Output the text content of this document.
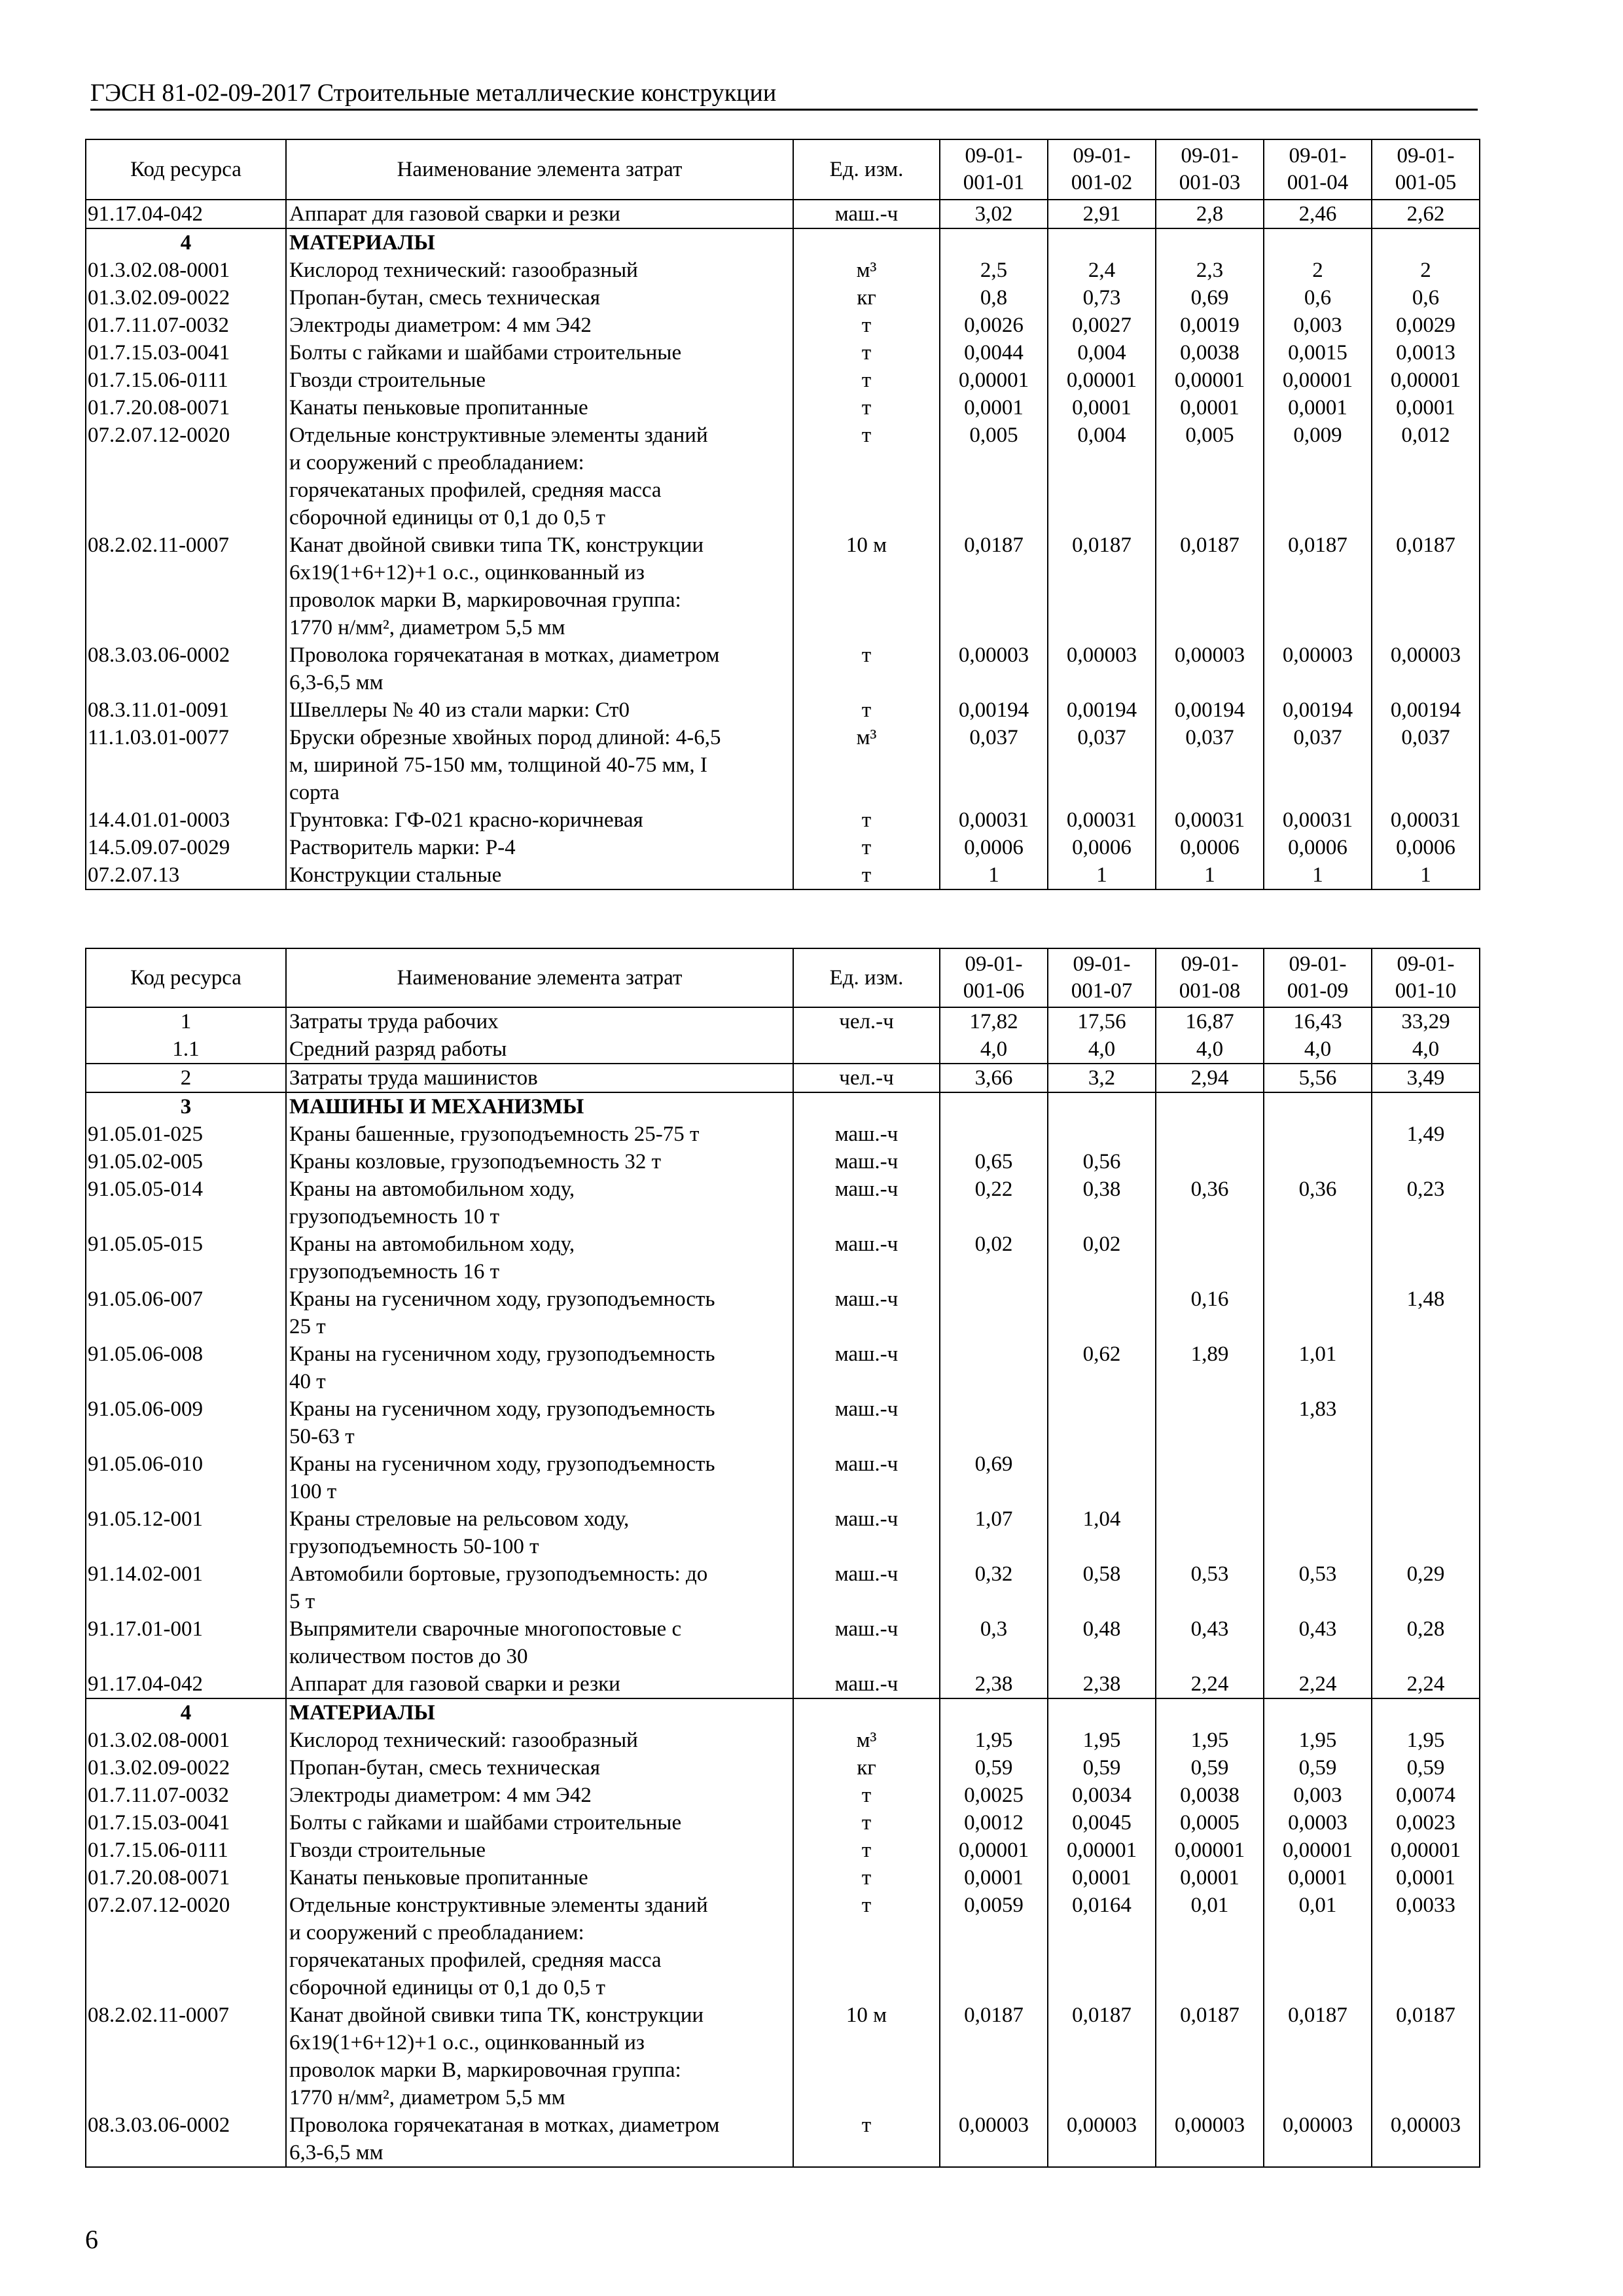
ГЭСН 81-02-09-2017 Строительные металлические конструкции
Код ресурса	Наименование элемента затрат	Ед. изм.	09-01-
001-01	09-01-
001-02	09-01-
001-03	09-01-
001-04	09-01-
001-05
91.17.04-042	Аппарат для газовой сварки и резки	маш.-ч	3,02	2,91	2,8	2,46	2,62
4	МАТЕРИАЛЫ						
01.3.02.08-0001	Кислород технический: газообразный	м³	2,5	2,4	2,3	2	2
01.3.02.09-0022	Пропан-бутан, смесь техническая	кг	0,8	0,73	0,69	0,6	0,6
01.7.11.07-0032	Электроды диаметром: 4 мм Э42	т	0,0026	0,0027	0,0019	0,003	0,0029
01.7.15.03-0041	Болты с гайками и шайбами строительные	т	0,0044	0,004	0,0038	0,0015	0,0013
01.7.15.06-0111	Гвозди строительные	т	0,00001	0,00001	0,00001	0,00001	0,00001
01.7.20.08-0071	Канаты пеньковые пропитанные	т	0,0001	0,0001	0,0001	0,0001	0,0001
07.2.07.12-0020	Отдельные конструктивные элементы зданий
и сооружений с преобладанием:
горячекатаных профилей, средняя масса
сборочной единицы от 0,1 до 0,5 т	т	0,005	0,004	0,005	0,009	0,012
08.2.02.11-0007	Канат двойной свивки типа ТК, конструкции
6х19(1+6+12)+1 о.с., оцинкованный из
проволок марки В, маркировочная группа:
1770 н/мм², диаметром 5,5 мм	10 м	0,0187	0,0187	0,0187	0,0187	0,0187
08.3.03.06-0002	Проволока горячекатаная в мотках, диаметром
6,3-6,5 мм	т	0,00003	0,00003	0,00003	0,00003	0,00003
08.3.11.01-0091	Швеллеры № 40 из стали марки: Ст0	т	0,00194	0,00194	0,00194	0,00194	0,00194
11.1.03.01-0077	Бруски обрезные хвойных пород длиной: 4-6,5
м, шириной 75-150 мм, толщиной 40-75 мм, I
сорта	м³	0,037	0,037	0,037	0,037	0,037
14.4.01.01-0003	Грунтовка: ГФ-021 красно-коричневая	т	0,00031	0,00031	0,00031	0,00031	0,00031
14.5.09.07-0029	Растворитель марки: Р-4	т	0,0006	0,0006	0,0006	0,0006	0,0006
07.2.07.13	Конструкции стальные	т	1	1	1	1	1
Код ресурса	Наименование элемента затрат	Ед. изм.	09-01-
001-06	09-01-
001-07	09-01-
001-08	09-01-
001-09	09-01-
001-10
1	Затраты труда рабочих	чел.-ч	17,82	17,56	16,87	16,43	33,29
1.1	Средний разряд работы		4,0	4,0	4,0	4,0	4,0
2	Затраты труда машинистов	чел.-ч	3,66	3,2	2,94	5,56	3,49
3	МАШИНЫ И МЕХАНИЗМЫ						
91.05.01-025	Краны башенные, грузоподъемность 25-75 т	маш.-ч					1,49
91.05.02-005	Краны козловые, грузоподъемность 32 т	маш.-ч	0,65	0,56			
91.05.05-014	Краны на автомобильном ходу,
грузоподъемность 10 т	маш.-ч	0,22	0,38	0,36	0,36	0,23
91.05.05-015	Краны на автомобильном ходу,
грузоподъемность 16 т	маш.-ч	0,02	0,02			
91.05.06-007	Краны на гусеничном ходу, грузоподъемность
25 т	маш.-ч			0,16		1,48
91.05.06-008	Краны на гусеничном ходу, грузоподъемность
40 т	маш.-ч		0,62	1,89	1,01	
91.05.06-009	Краны на гусеничном ходу, грузоподъемность
50-63 т	маш.-ч				1,83	
91.05.06-010	Краны на гусеничном ходу, грузоподъемность
100 т	маш.-ч	0,69				
91.05.12-001	Краны стреловые на рельсовом ходу,
грузоподъемность 50-100 т	маш.-ч	1,07	1,04			
91.14.02-001	Автомобили бортовые, грузоподъемность: до
5 т	маш.-ч	0,32	0,58	0,53	0,53	0,29
91.17.01-001	Выпрямители сварочные многопостовые с
количеством постов до 30	маш.-ч	0,3	0,48	0,43	0,43	0,28
91.17.04-042	Аппарат для газовой сварки и резки	маш.-ч	2,38	2,38	2,24	2,24	2,24
4	МАТЕРИАЛЫ						
01.3.02.08-0001	Кислород технический: газообразный	м³	1,95	1,95	1,95	1,95	1,95
01.3.02.09-0022	Пропан-бутан, смесь техническая	кг	0,59	0,59	0,59	0,59	0,59
01.7.11.07-0032	Электроды диаметром: 4 мм Э42	т	0,0025	0,0034	0,0038	0,003	0,0074
01.7.15.03-0041	Болты с гайками и шайбами строительные	т	0,0012	0,0045	0,0005	0,0003	0,0023
01.7.15.06-0111	Гвозди строительные	т	0,00001	0,00001	0,00001	0,00001	0,00001
01.7.20.08-0071	Канаты пеньковые пропитанные	т	0,0001	0,0001	0,0001	0,0001	0,0001
07.2.07.12-0020	Отдельные конструктивные элементы зданий
и сооружений с преобладанием:
горячекатаных профилей, средняя масса
сборочной единицы от 0,1 до 0,5 т	т	0,0059	0,0164	0,01	0,01	0,0033
08.2.02.11-0007	Канат двойной свивки типа ТК, конструкции
6х19(1+6+12)+1 о.с., оцинкованный из
проволок марки В, маркировочная группа:
1770 н/мм², диаметром 5,5 мм	10 м	0,0187	0,0187	0,0187	0,0187	0,0187
08.3.03.06-0002	Проволока горячекатаная в мотках, диаметром
6,3-6,5 мм	т	0,00003	0,00003	0,00003	0,00003	0,00003
6
